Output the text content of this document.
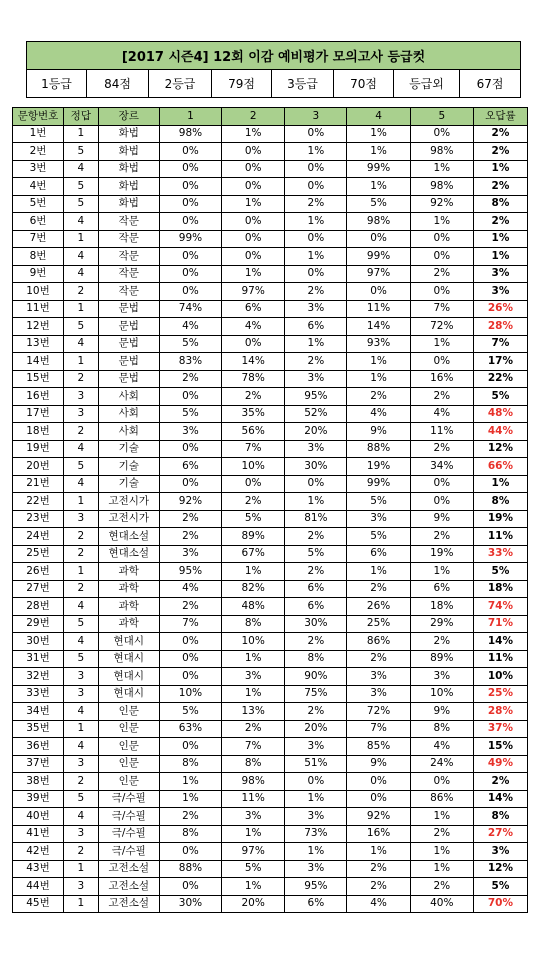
[2017 시즌4] 12회 이감 예비평가 모의고사 등급컷
1등급	84점	2등급	79점	3등급	70점	등급외	67점
문항번호	정답	장르	1	2	3	4	5	오답률
1번	1	화법	98%	1%	0%	1%	0%	2%
2번	5	화법	0%	0%	1%	1%	98%	2%
3번	4	화법	0%	0%	0%	99%	1%	1%
4번	5	화법	0%	0%	0%	1%	98%	2%
5번	5	화법	0%	1%	2%	5%	92%	8%
6번	4	작문	0%	0%	1%	98%	1%	2%
7번	1	작문	99%	0%	0%	0%	0%	1%
8번	4	작문	0%	0%	1%	99%	0%	1%
9번	4	작문	0%	1%	0%	97%	2%	3%
10번	2	작문	0%	97%	2%	0%	0%	3%
11번	1	문법	74%	6%	3%	11%	7%	26%
12번	5	문법	4%	4%	6%	14%	72%	28%
13번	4	문법	5%	0%	1%	93%	1%	7%
14번	1	문법	83%	14%	2%	1%	0%	17%
15번	2	문법	2%	78%	3%	1%	16%	22%
16번	3	사회	0%	2%	95%	2%	2%	5%
17번	3	사회	5%	35%	52%	4%	4%	48%
18번	2	사회	3%	56%	20%	9%	11%	44%
19번	4	기술	0%	7%	3%	88%	2%	12%
20번	5	기술	6%	10%	30%	19%	34%	66%
21번	4	기술	0%	0%	0%	99%	0%	1%
22번	1	고전시가	92%	2%	1%	5%	0%	8%
23번	3	고전시가	2%	5%	81%	3%	9%	19%
24번	2	현대소설	2%	89%	2%	5%	2%	11%
25번	2	현대소설	3%	67%	5%	6%	19%	33%
26번	1	과학	95%	1%	2%	1%	1%	5%
27번	2	과학	4%	82%	6%	2%	6%	18%
28번	4	과학	2%	48%	6%	26%	18%	74%
29번	5	과학	7%	8%	30%	25%	29%	71%
30번	4	현대시	0%	10%	2%	86%	2%	14%
31번	5	현대시	0%	1%	8%	2%	89%	11%
32번	3	현대시	0%	3%	90%	3%	3%	10%
33번	3	현대시	10%	1%	75%	3%	10%	25%
34번	4	인문	5%	13%	2%	72%	9%	28%
35번	1	인문	63%	2%	20%	7%	8%	37%
36번	4	인문	0%	7%	3%	85%	4%	15%
37번	3	인문	8%	8%	51%	9%	24%	49%
38번	2	인문	1%	98%	0%	0%	0%	2%
39번	5	극/수필	1%	11%	1%	0%	86%	14%
40번	4	극/수필	2%	3%	3%	92%	1%	8%
41번	3	극/수필	8%	1%	73%	16%	2%	27%
42번	2	극/수필	0%	97%	1%	1%	1%	3%
43번	1	고전소설	88%	5%	3%	2%	1%	12%
44번	3	고전소설	0%	1%	95%	2%	2%	5%
45번	1	고전소설	30%	20%	6%	4%	40%	70%
